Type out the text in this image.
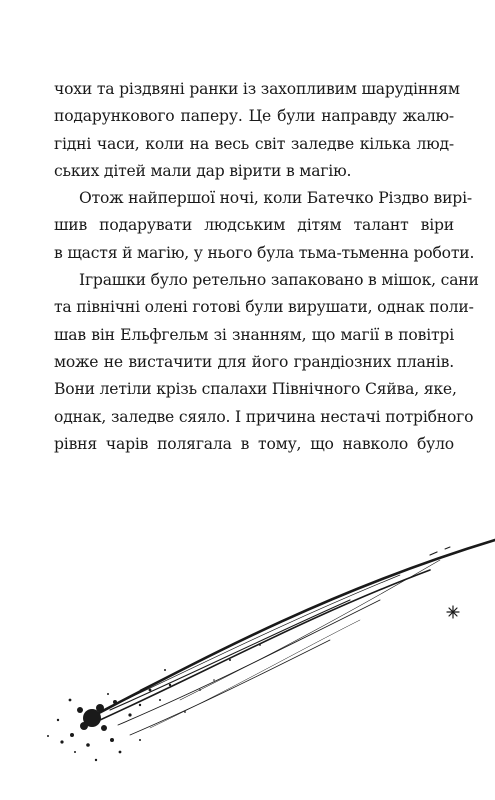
чохи та різдвяні ранки із захопливим шарудінням
подарункового паперу. Це були направду жалю-
гідні часи, коли на весь світ заледве кілька люд-
ських дітей мали дар вірити в магію.
Отож найпершої ночі, коли Батечко Різдво вирі-
шив подарувати людським дітям талант віри
в щастя й магію, у нього була тьма-тьменна роботи.
Іграшки було ретельно запаковано в мішок, сани
та північні олені готові були вирушати, однак поли-
шав він Ельфгельм зі знанням, що магії в повітрі
може не вистачити для його грандіозних планів.
Вони летіли крізь спалахи Північного Сяйва, яке,
однак, заледве сяяло. І причина нестачі потрібного
рівня чарів полягала в тому, що навколо було
